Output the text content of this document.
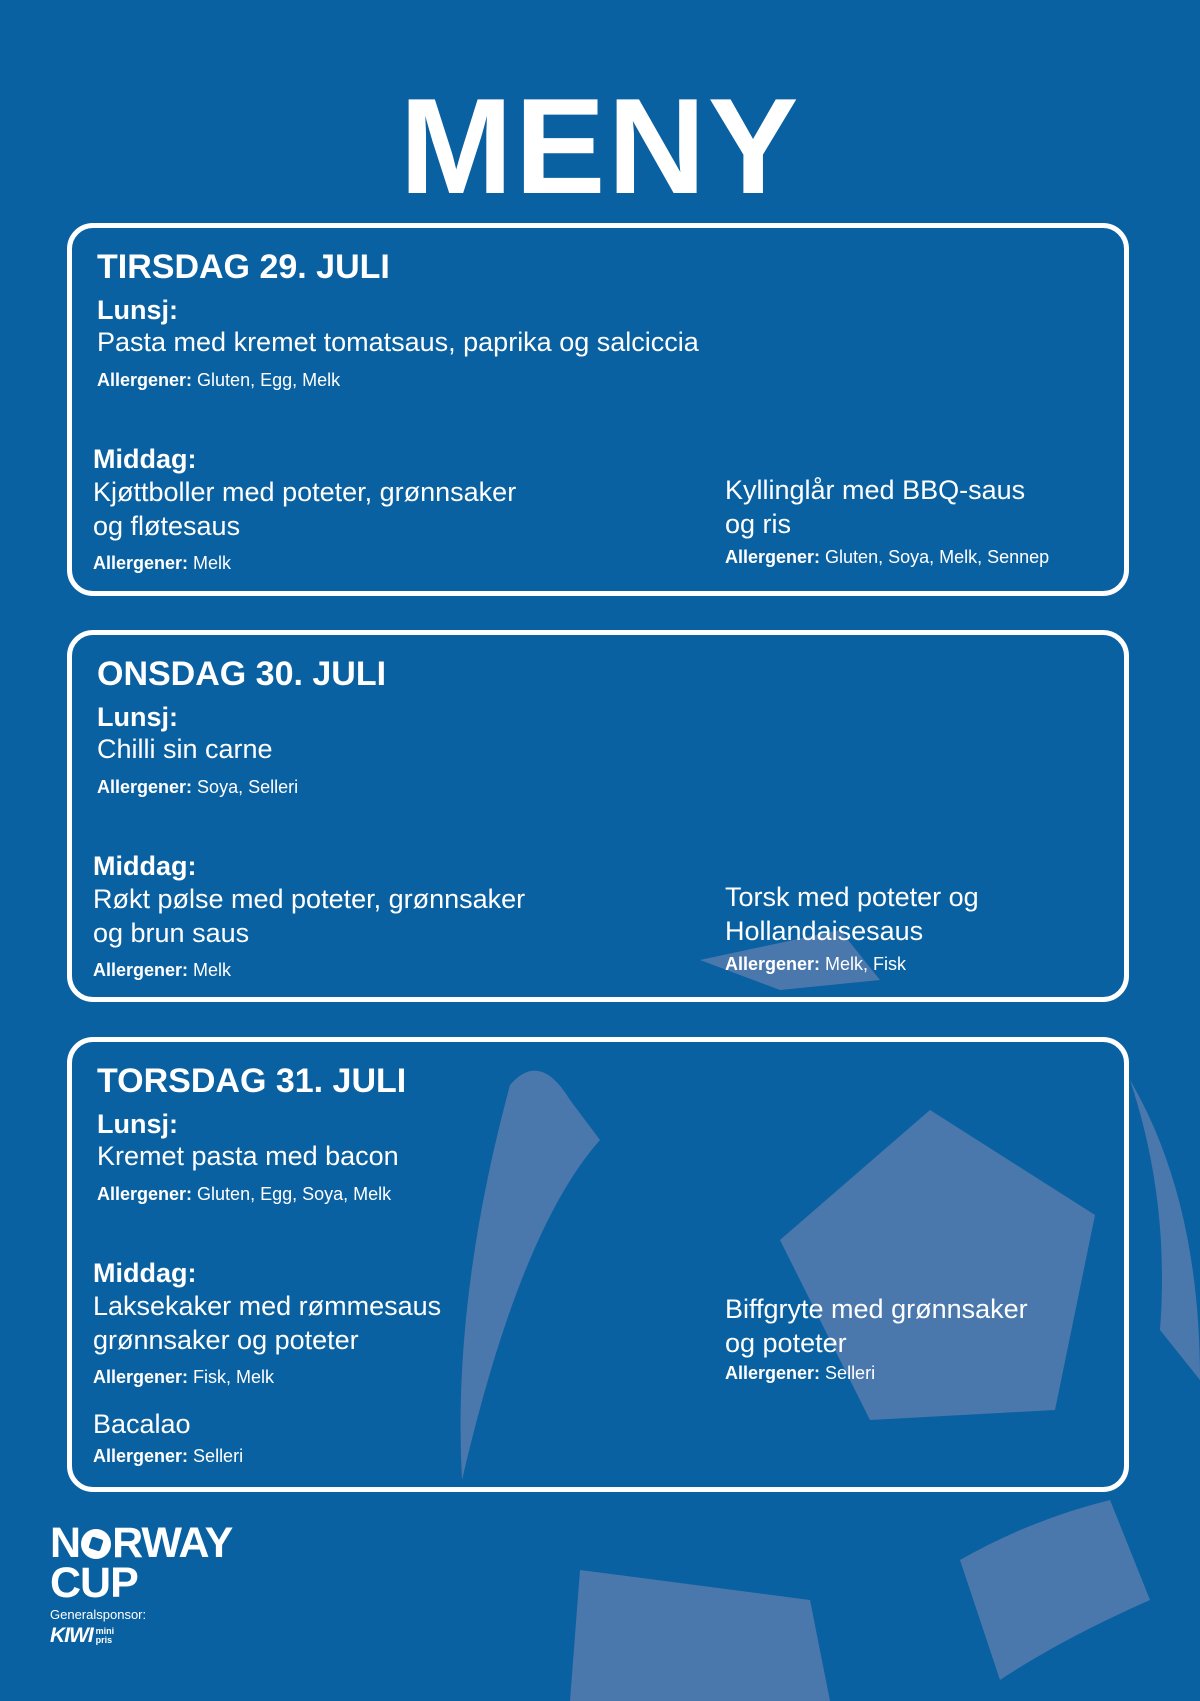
MENY
TIRSDAG 29. JULI
Lunsj:
Pasta med kremet tomatsaus, paprika og salciccia
Allergener: Gluten, Egg, Melk
Middag:
Kjøttboller med poteter, grønnsaker
og fløtesaus
Allergener: Melk
Kyllinglår med BBQ-saus
og ris
Allergener: Gluten, Soya, Melk, Sennep
ONSDAG 30. JULI
Lunsj:
Chilli sin carne
Allergener: Soya, Selleri
Middag:
Røkt pølse med poteter, grønnsaker
og brun saus
Allergener: Melk
Torsk med poteter og
Hollandaisesaus
Allergener: Melk, Fisk
TORSDAG 31. JULI
Lunsj:
Kremet pasta med bacon
Allergener: Gluten, Egg, Soya, Melk
Middag:
Laksekaker med rømmesaus
grønnsaker og poteter
Allergener: Fisk, Melk
Biffgryte med grønnsaker
og poteter
Allergener: Selleri
Bacalao
Allergener: Selleri
N RWAY
CUP
Generalsponsor:
KIWI mini
pris
